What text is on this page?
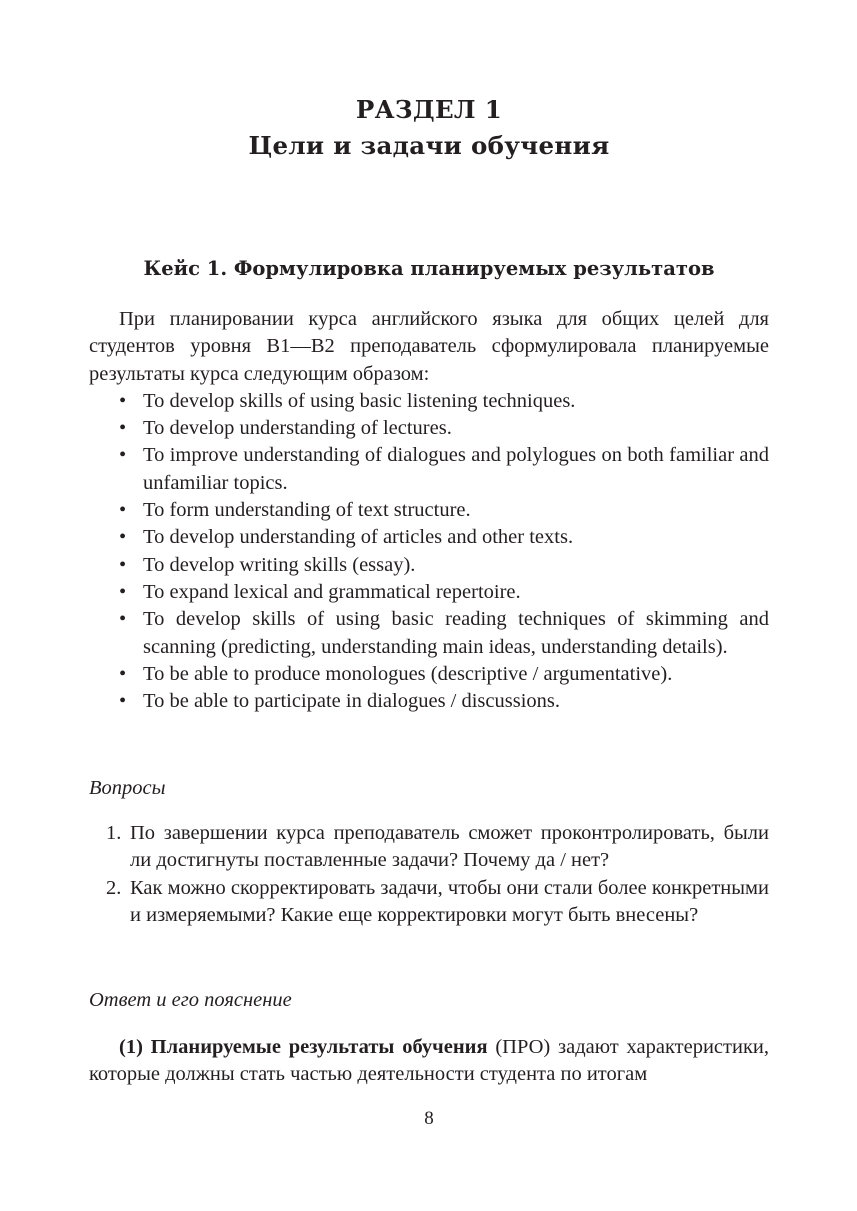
РАЗДЕЛ 1
Цели и задачи обучения
Кейс 1. Формулировка планируемых результатов

При планировании курса английского языка для общих целей для студентов уровня B1—B2 преподаватель сформулировала планируемые результаты курса следующим образом:

• To develop skills of using basic listening techniques.
• To develop understanding of lectures.
• To improve understanding of dialogues and polylogues on both familiar and unfamiliar topics.
• To form understanding of text structure.
• To develop understanding of articles and other texts.
• To develop writing skills (essay).
• To expand lexical and grammatical repertoire.
• To develop skills of using basic reading techniques of skimming and scanning (predicting, understanding main ideas, understanding details).
• To be able to produce monologues (descriptive / argumentative).
• To be able to participate in dialogues / discussions.
Вопросы
1. По завершении курса преподаватель сможет проконтролировать, были ли достигнуты поставленные задачи? Почему да / нет?
2. Как можно скорректировать задачи, чтобы они стали более конкретными и измеряемыми? Какие еще корректировки могут быть внесены?
Ответ и его пояснение

(1) Планируемые результаты обучения (ПРО) задают характеристики, которые должны стать частью деятельности студента по итогам

8
